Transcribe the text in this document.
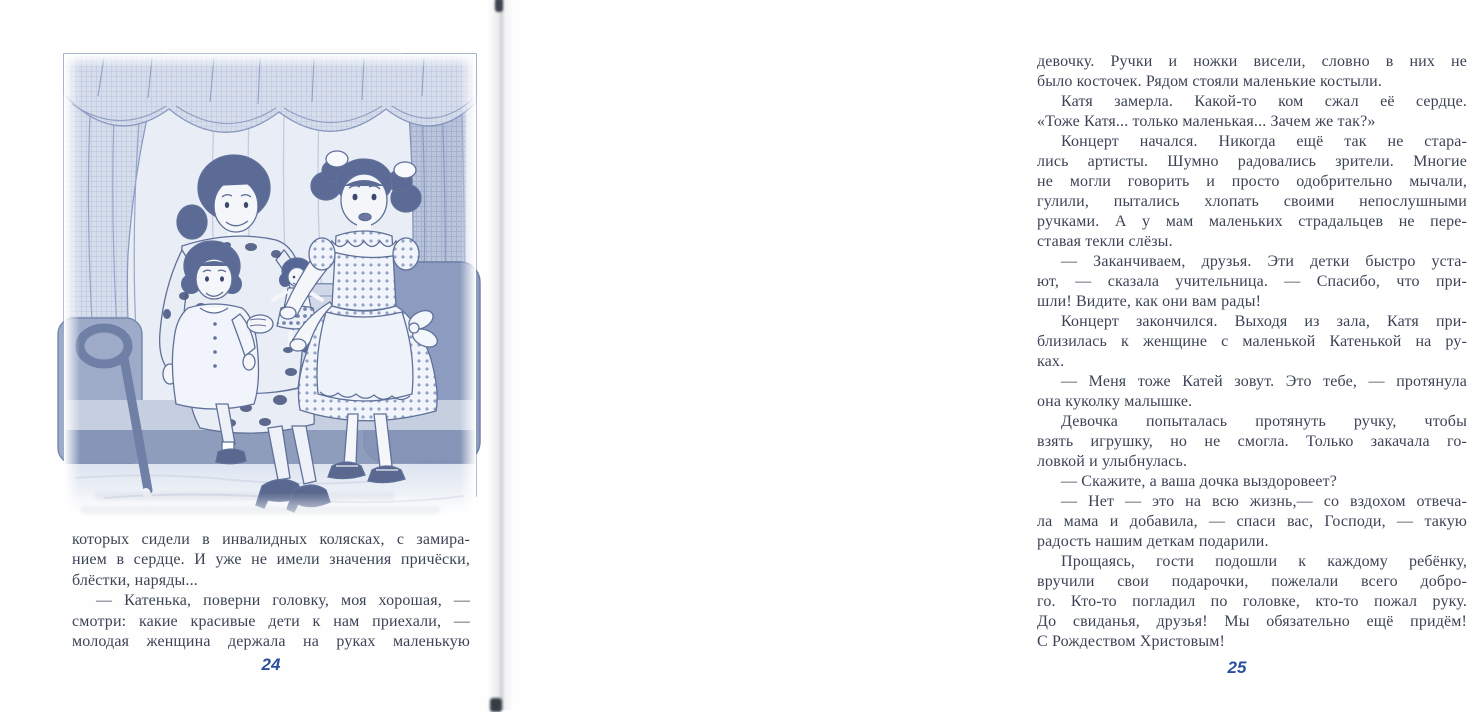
которых сидели в инвалидных колясках, с замира-
нием в сердце. И уже не имели значения причёски,
блёстки, наряды...
— Катенька, поверни головку, моя хорошая, —
смотри: какие красивые дети к нам приехали, —
молодая женщина держала на руках маленькую
24
девочку. Ручки и ножки висели, словно в них не
было косточек. Рядом стояли маленькие костыли.
Катя замерла. Какой-то ком сжал её сердце.
«Тоже Катя... только маленькая... Зачем же так?»
Концерт начался. Никогда ещё так не стара-
лись артисты. Шумно радовались зрители. Многие
не могли говорить и просто одобрительно мычали,
гулили, пытались хлопать своими непослушными
ручками. А у мам маленьких страдальцев не пере-
ставая текли слёзы.
— Заканчиваем, друзья. Эти детки быстро уста-
ют, — сказала учительница. — Спасибо, что при-
шли! Видите, как они вам рады!
Концерт закончился. Выходя из зала, Катя при-
близилась к женщине с маленькой Катенькой на ру-
ках.
— Меня тоже Катей зовут. Это тебе, — протянула
она куколку малышке.
Девочка попыталась протянуть ручку, чтобы
взять игрушку, но не смогла. Только закачала го-
ловкой и улыбнулась.
— Скажите, а ваша дочка выздоровеет?
— Нет — это на всю жизнь,— со вздохом отвеча-
ла мама и добавила, — спаси вас, Господи, — такую
радость нашим деткам подарили.
Прощаясь, гости подошли к каждому ребёнку,
вручили свои подарочки, пожелали всего добро-
го. Кто-то погладил по головке, кто-то пожал руку.
До свиданья, друзья! Мы обязательно ещё придём!
С Рождеством Христовым!
25
